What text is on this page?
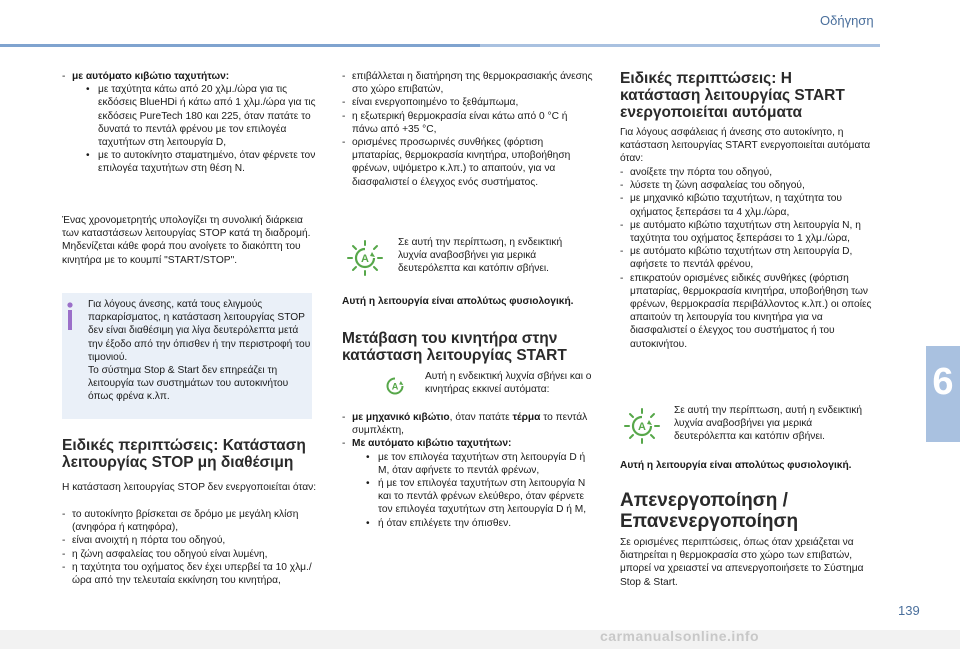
Οδήγηση
6
139
- με αυτόματο κιβώτιο ταχυτήτων:
• με ταχύτητα κάτω από 20 χλμ./ώρα για τις εκδόσεις BlueHDi ή κάτω από 1 χλμ./ώρα για τις εκδόσεις PureTech 180 και 225, όταν πατάτε το δυνατά το πεντάλ φρένου με τον επιλογέα ταχυτήτων στη λειτουργία D,
• με το αυτοκίνητο σταματημένο, όταν φέρνετε τον επιλογέα ταχυτήτων στη θέση N.

Ένας χρονομετρητής υπολογίζει τη συνολική διάρκεια των καταστάσεων λειτουργίας STOP κατά τη διαδρομή. Μηδενίζεται κάθε φορά που ανοίγετε το διακόπτη του κινητήρα με το κουμπί "START/STOP".

Για λόγους άνεσης, κατά τους ελιγμούς παρκαρίσματος, η κατάσταση λειτουργίας STOP δεν είναι διαθέσιμη για λίγα δευτερόλεπτα μετά την έξοδο από την όπισθεν ή την περιστροφή του τιμονιού.

Το σύστημα Stop & Start δεν επηρεάζει τη λειτουργία των συστημάτων του αυτοκινήτου όπως φρένα κ.λπ.

Ειδικές περιπτώσεις: Κατάσταση λειτουργίας STOP μη διαθέσιμη

Η κατάσταση λειτουργίας STOP δεν ενεργοποιείται όταν:

- το αυτοκίνητο βρίσκεται σε δρόμο με μεγάλη κλίση (ανηφόρα ή κατηφόρα),
- είναι ανοιχτή η πόρτα του οδηγού,
- η ζώνη ασφαλείας του οδηγού είναι λυμένη,
- η ταχύτητα του οχήματος δεν έχει υπερβεί τα 10 χλμ./ώρα από την τελευταία εκκίνηση του κινητήρα,
- επιβάλλεται η διατήρηση της θερμοκρασιακής άνεσης στο χώρο επιβατών,
- είναι ενεργοποιημένο το ξεθάμπωμα,
- η εξωτερική θερμοκρασία είναι κάτω από 0 °C ή πάνω από +35 °C,
- ορισμένες προσωρινές συνθήκες (φόρτιση μπαταρίας, θερμοκρασία κινητήρα, υποβοήθηση φρένων, υψόμετρο κ.λπ.) το απαιτούν, για να διασφαλιστεί ο έλεγχος ενός συστήματος.
A

Σε αυτή την περίπτωση, η ενδεικτική λυχνία αναβοσβήνει για μερικά δευτερόλεπτα και κατόπιν σβήνει.

Αυτή η λειτουργία είναι απολύτως φυσιολογική.

Μετάβαση του κινητήρα στην κατάσταση λειτουργίας START
A

Αυτή η ενδεικτική λυχνία σβήνει και ο κινητήρας εκκινεί αυτόματα:

- με μηχανικό κιβώτιο, όταν πατάτε τέρμα το πεντάλ συμπλέκτη,
- Με αυτόματο κιβώτιο ταχυτήτων:
• με τον επιλογέα ταχυτήτων στη λειτουργία D ή M, όταν αφήνετε το πεντάλ φρένων,
• ή με τον επιλογέα ταχυτήτων στη λειτουργία N και το πεντάλ φρένων ελεύθερο, όταν φέρνετε τον επιλογέα ταχυτήτων στη λειτουργία D ή M,
• ή όταν επιλέγετε την όπισθεν.
Ειδικές περιπτώσεις: Η κατάσταση λειτουργίας START ενεργοποιείται αυτόματα

Για λόγους ασφάλειας ή άνεσης στο αυτοκίνητο, η κατάσταση λειτουργίας START ενεργοποιείται αυτόματα όταν:

- ανοίξετε την πόρτα του οδηγού,
- λύσετε τη ζώνη ασφαλείας του οδηγού,
- με μηχανικό κιβώτιο ταχυτήτων, η ταχύτητα του οχήματος ξεπεράσει τα 4 χλμ./ώρα,
- με αυτόματο κιβώτιο ταχυτήτων στη λειτουργία N, η ταχύτητα του οχήματος ξεπεράσει το 1 χλμ./ώρα,
- με αυτόματο κιβώτιο ταχυτήτων στη λειτουργία D, αφήσετε το πεντάλ φρένου,
- επικρατούν ορισμένες ειδικές συνθήκες (φόρτιση μπαταρίας, θερμοκρασία κινητήρα, υποβοήθηση των φρένων, θερμοκρασία περιβάλλοντος κ.λπ.) οι οποίες απαιτούν τη λειτουργία του κινητήρα για να διασφαλιστεί ο έλεγχος του συστήματος ή του αυτοκινήτου.
A

Σε αυτή την περίπτωση, αυτή η ενδεικτική λυχνία αναβοσβήνει για μερικά δευτερόλεπτα και κατόπιν σβήνει.

Αυτή η λειτουργία είναι απολύτως φυσιολογική.

Απενεργοποίηση / Επανενεργοποίηση

Σε ορισμένες περιπτώσεις, όπως όταν χρειάζεται να διατηρείται η θερμοκρασία στο χώρο των επιβατών, μπορεί να χρειαστεί να απενεργοποιήσετε το Σύστημα Stop & Start.

carmanualsonline.info
